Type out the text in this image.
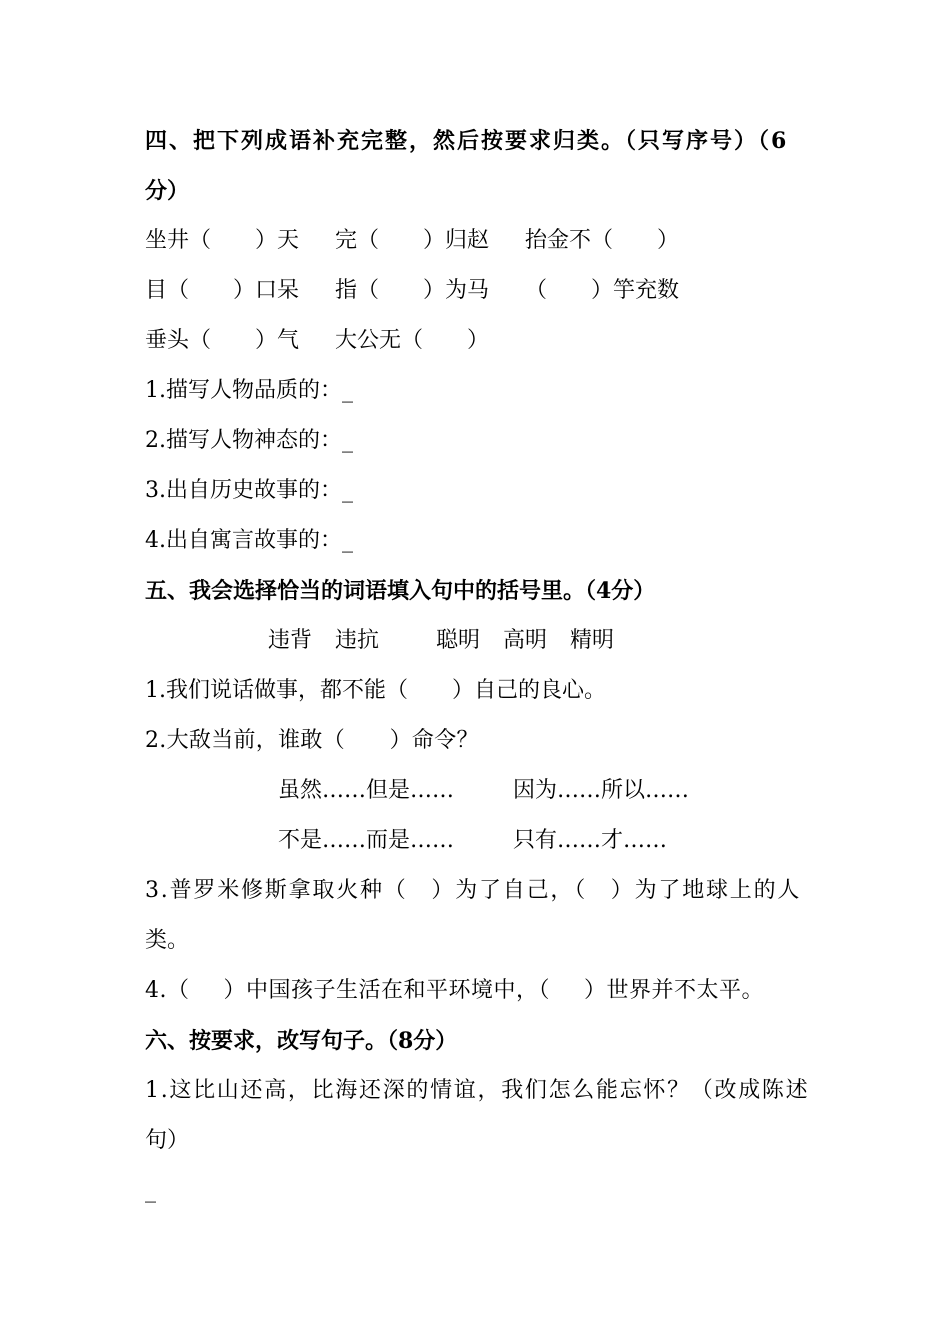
四、把下列成语补充完整，然后按要求归类。（只写序号）（6
分）
坐井（　　）天 完（　　）归赵 抬金不（　　）
目（　　）口呆 指（　　）为马 （　　）竽充数
垂头（　　）气 大公无（　　）
1.描写人物品质的：_
2.描写人物神态的：_
3.出自历史故事的：_
4.出自寓言故事的：_
五、我会选择恰当的词语填入句中的括号里。（4分）
违背 违抗	聪明 高明 精明
1.我们说话做事，都不能（　　）自己的良心。
2.大敌当前，谁敢（　　）命令？
虽然……但是……	因为……所以……
不是……而是……	只有……才……
3.普罗米修斯拿取火种（　）为了自己，（　）为了地球上的人
类。
4.（　 ）中国孩子生活在和平环境中，（　 ）世界并不太平。
六、按要求，改写句子。（8分）
1.这比山还高，比海还深的情谊，我们怎么能忘怀？（改成陈述
句）
_
